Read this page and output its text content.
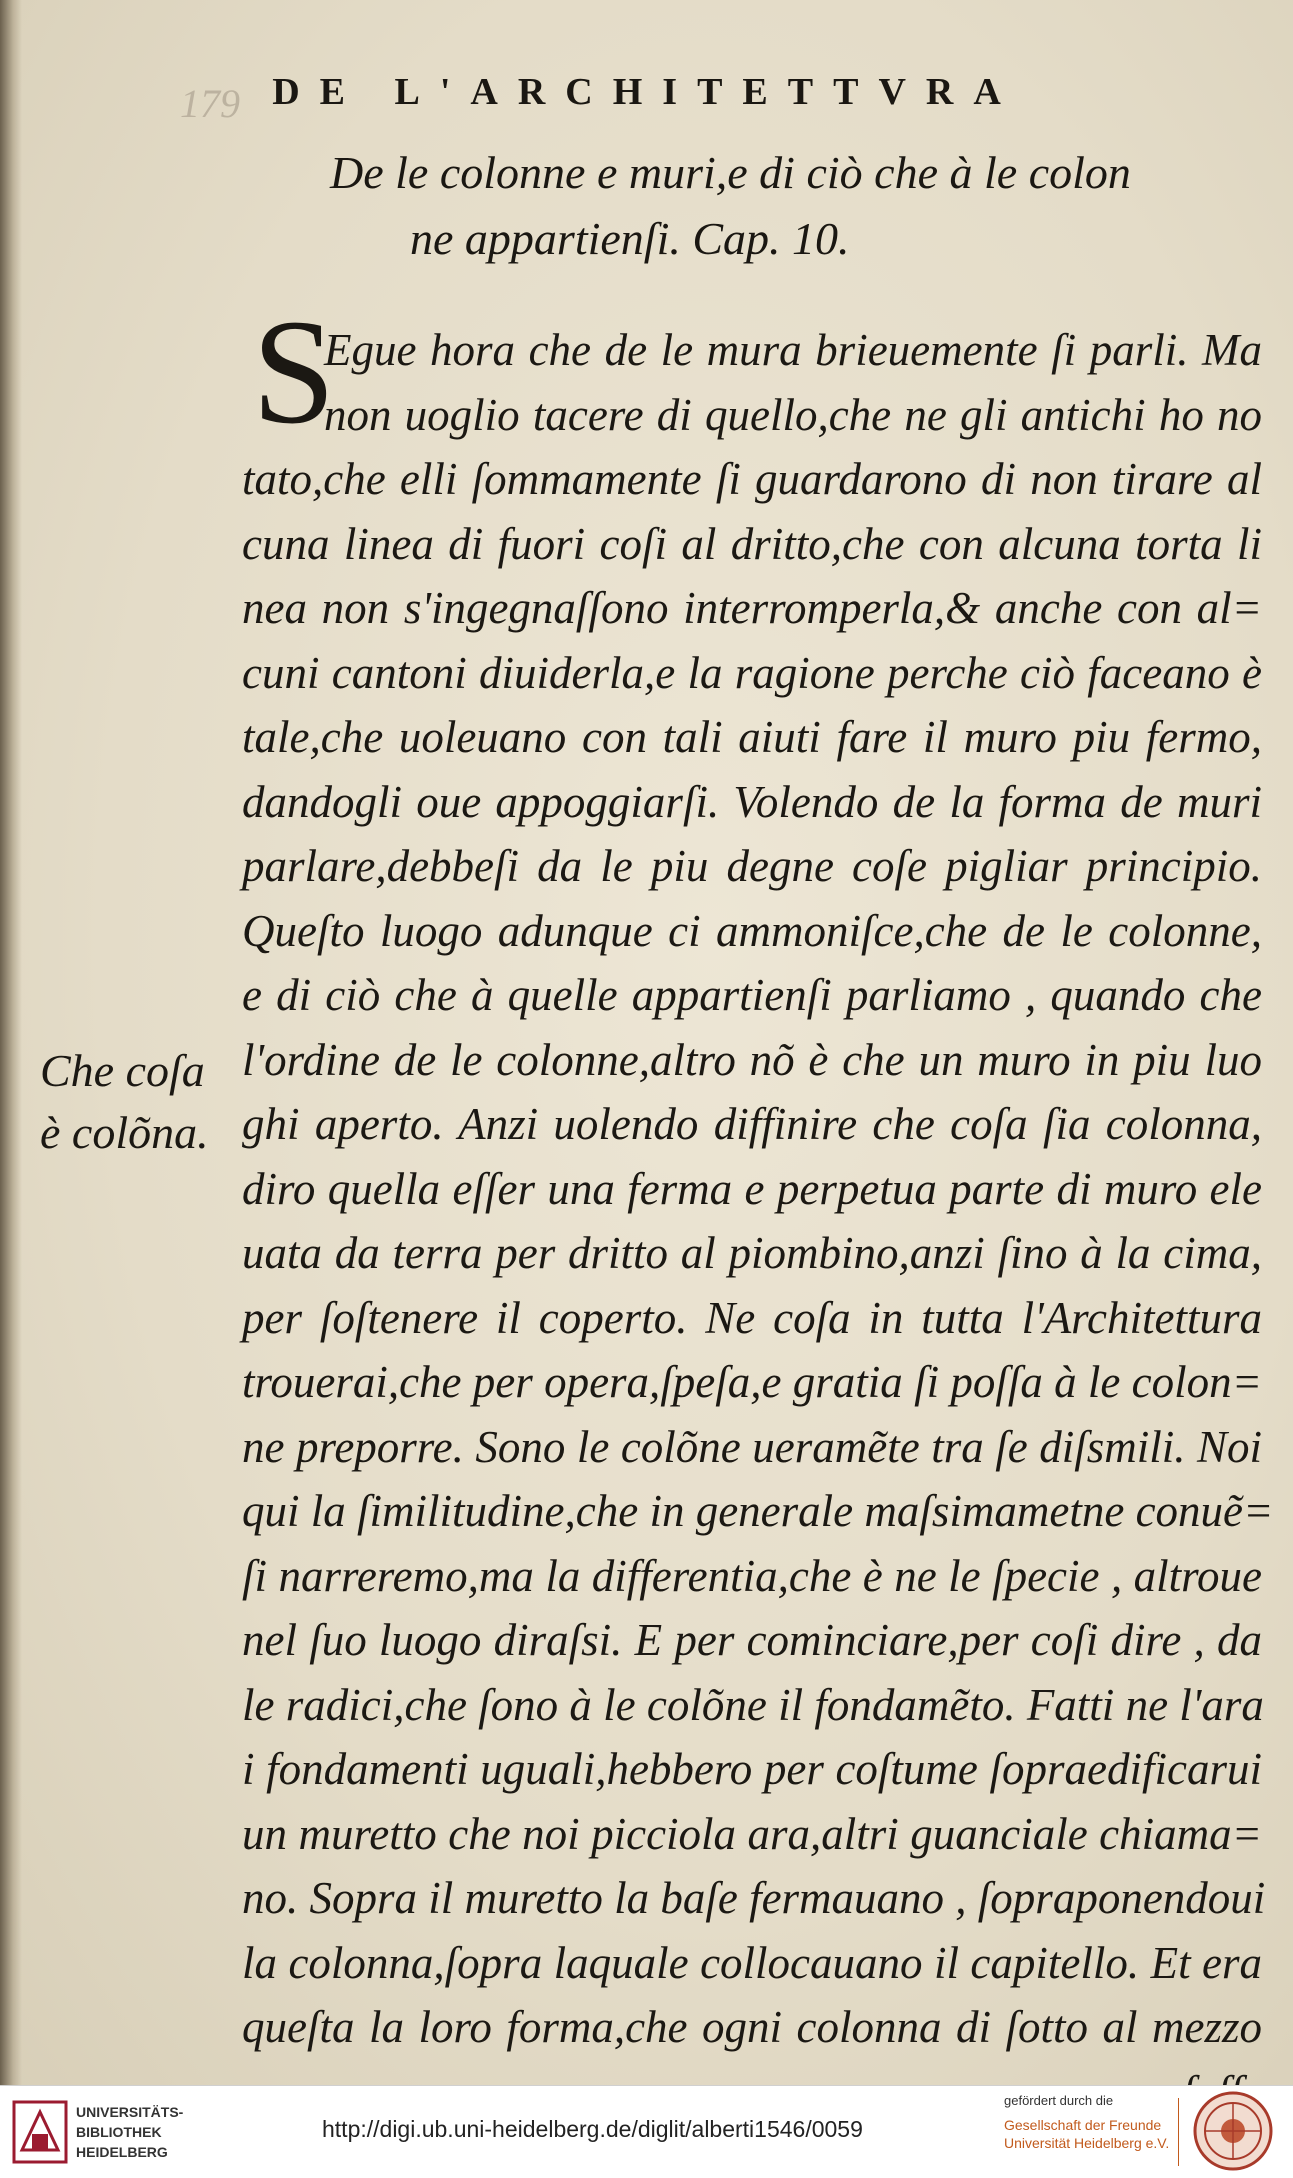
179 DE L'ARCHITETTVRA
De le colonne e muri,e di ciò che à le colon
ne appartienſi. Cap. 10.
S
Egue hora che de le mura brieuemente ſi parli. Ma
non uoglio tacere di quello,che ne gli antichi ho no
tato,che elli ſommamente ſi guardarono di non tirare al
cuna linea di fuori coſi al dritto,che con alcuna torta li
nea non s'ingegnaſſono interromperla,& anche con al=
cuni cantoni diuiderla,e la ragione perche ciò faceano è
tale,che uoleuano con tali aiuti fare il muro piu fermo,
dandogli oue appoggiarſi. Volendo de la forma de muri
parlare,debbeſi da le piu degne coſe pigliar principio.
Queſto luogo adunque ci ammoniſce,che de le colonne,
e di ciò che à quelle appartienſi parliamo , quando che
l'ordine de le colonne,altro nõ è che un muro in piu luo
ghi aperto. Anzi uolendo diffinire che coſa ſia colonna,
diro quella eſſer una ferma e perpetua parte di muro ele
uata da terra per dritto al piombino,anzi ſino à la cima,
per ſoſtenere il coperto. Ne coſa in tutta l'Architettura
trouerai,che per opera,ſpeſa,e gratia ſi poſſa à le colon=
ne preporre. Sono le colõne ueramẽte tra ſe diſsmili. Noi
qui la ſimilitudine,che in generale maſsimametne conuẽ=
ſi narreremo,ma la differentia,che è ne le ſpecie , altroue
nel ſuo luogo diraſsi. E per cominciare,per coſi dire , da
le radici,che ſono à le colõne il fondamẽto. Fatti ne l'ara
i fondamenti uguali,hebbero per coſtume ſopraedificarui
un muretto che noi picciola ara,altri guanciale chiama=
no. Sopra il muretto la baſe fermauano , ſopraponendoui
la colonna,ſopra laquale collocauano il capitello. Et era
queſta la loro forma,che ogni colonna di ſotto al mezzo
Che coſa
è colõna.
UNIVERSITÄTS-
BIBLIOTHEK
HEIDELBERG
http://digi.ub.uni-heidelberg.de/diglit/alberti1546/0059
gefördert durch die
Gesellschaft der Freunde
Universität Heidelberg e.V.
